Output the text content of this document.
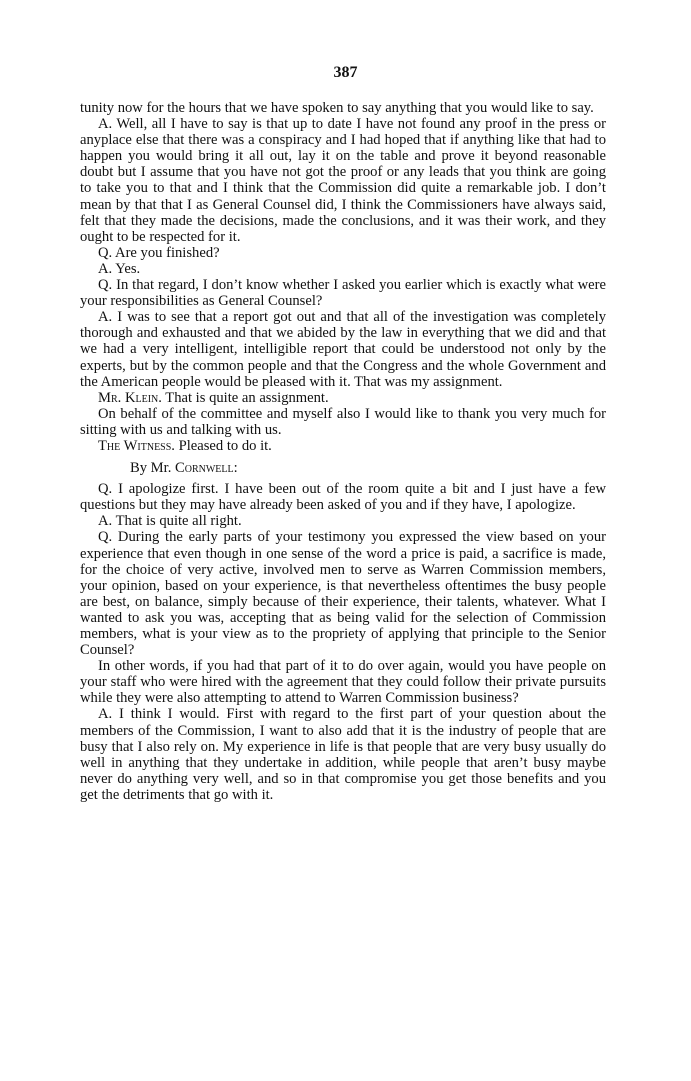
387

tunity now for the hours that we have spoken to say anything that you would like to say.

A. Well, all I have to say is that up to date I have not found any proof in the press or anyplace else that there was a conspiracy and I had hoped that if anything like that had to happen you would bring it all out, lay it on the table and prove it beyond reasonable doubt but I assume that you have not got the proof or any leads that you think are going to take you to that and I think that the Commission did quite a remarkable job. I don’t mean by that that I as General Counsel did, I think the Commissioners have always said, felt that they made the decisions, made the conclusions, and it was their work, and they ought to be respected for it.

Q. Are you finished?

A. Yes.

Q. In that regard, I don’t know whether I asked you earlier which is exactly what were your responsibilities as General Counsel?

A. I was to see that a report got out and that all of the investigation was completely thorough and exhausted and that we abided by the law in everything that we did and that we had a very intelligent, intelligible report that could be understood not only by the experts, but by the common people and that the Congress and the whole Government and the American people would be pleased with it. That was my assignment.

Mr. Klein. That is quite an assignment.

On behalf of the committee and myself also I would like to thank you very much for sitting with us and talking with us.

The Witness. Pleased to do it.

By Mr. Cornwell:

Q. I apologize first. I have been out of the room quite a bit and I just have a few questions but they may have already been asked of you and if they have, I apologize.

A. That is quite all right.

Q. During the early parts of your testimony you expressed the view based on your experience that even though in one sense of the word a price is paid, a sacrifice is made, for the choice of very active, involved men to serve as Warren Commission members, your opinion, based on your experience, is that nevertheless oftentimes the busy people are best, on balance, simply because of their experience, their talents, whatever. What I wanted to ask you was, accepting that as being valid for the selection of Commission members, what is your view as to the propriety of applying that principle to the Senior Counsel?

In other words, if you had that part of it to do over again, would you have people on your staff who were hired with the agreement that they could follow their private pursuits while they were also attempting to attend to Warren Commission business?

A. I think I would. First with regard to the first part of your question about the members of the Commission, I want to also add that it is the industry of people that are busy that I also rely on. My experience in life is that people that are very busy usually do well in anything that they undertake in addition, while people that aren’t busy maybe never do anything very well, and so in that compromise you get those benefits and you get the detriments that go with it.
